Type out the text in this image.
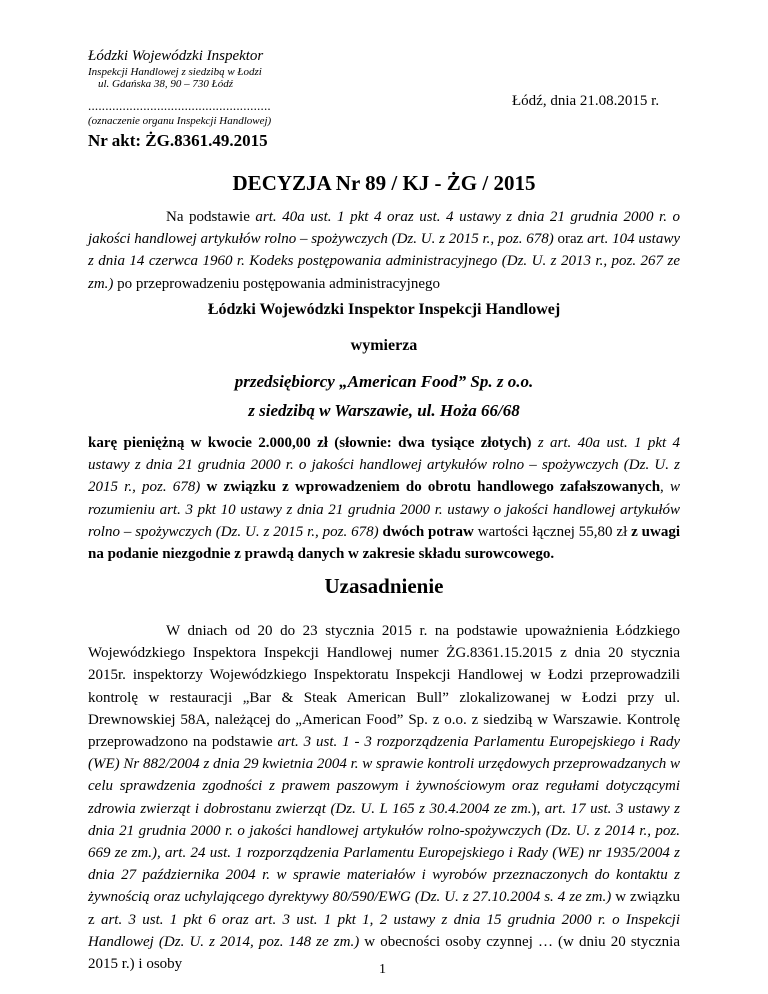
Łódzki Wojewódzki Inspektor
Inspekcji Handlowej z siedzibą w Łodzi
ul. Gdańska 38, 90 – 730 Łódź
.....................................................
(oznaczenie organu Inspekcji Handlowej)
Łódź, dnia 21.08.2015 r.
Nr akt: ŻG.8361.49.2015
DECYZJA Nr 89 / KJ - ŻG / 2015
Na podstawie art. 40a ust. 1 pkt 4 oraz ust. 4 ustawy z dnia 21 grudnia 2000 r. o jakości handlowej artykułów rolno – spożywczych (Dz. U. z 2015 r., poz. 678) oraz art. 104 ustawy z dnia 14 czerwca 1960 r. Kodeks postępowania administracyjnego (Dz. U. z 2013 r., poz. 267 ze zm.) po przeprowadzeniu postępowania administracyjnego
Łódzki Wojewódzki Inspektor Inspekcji Handlowej
wymierza
przedsiębiorcy „American Food” Sp. z o.o.
z siedzibą w Warszawie, ul. Hoża 66/68
karę pieniężną w kwocie 2.000,00 zł (słownie: dwa tysiące złotych) z art. 40a ust. 1 pkt 4 ustawy z dnia 21 grudnia 2000 r. o jakości handlowej artykułów rolno – spożywczych (Dz. U. z 2015 r., poz. 678) w związku z wprowadzeniem do obrotu handlowego zafałszowanych, w rozumieniu art. 3 pkt 10 ustawy z dnia 21 grudnia 2000 r. ustawy o jakości handlowej artykułów rolno – spożywczych (Dz. U. z 2015 r., poz. 678) dwóch potraw wartości łącznej 55,80 zł z uwagi na podanie niezgodnie z prawdą danych w zakresie składu surowcowego.
Uzasadnienie
W dniach od 20 do 23 stycznia 2015 r. na podstawie upoważnienia Łódzkiego Wojewódzkiego Inspektora Inspekcji Handlowej numer ŻG.8361.15.2015 z dnia 20 stycznia 2015r. inspektorzy Wojewódzkiego Inspektoratu Inspekcji Handlowej w Łodzi przeprowadzili kontrolę w restauracji „Bar & Steak American Bull” zlokalizowanej w Łodzi przy ul. Drewnowskiej 58A, należącej do „American Food” Sp. z o.o. z siedzibą w Warszawie. Kontrolę przeprowadzono na podstawie art. 3 ust. 1 - 3 rozporządzenia Parlamentu Europejskiego i Rady (WE) Nr 882/2004 z dnia 29 kwietnia 2004 r. w sprawie kontroli urzędowych przeprowadzanych w celu sprawdzenia zgodności z prawem paszowym i żywnościowym oraz regułami dotyczącymi zdrowia zwierząt i dobrostanu zwierząt (Dz. U. L 165 z 30.4.2004 ze zm.), art. 17 ust. 3 ustawy z dnia 21 grudnia 2000 r. o jakości handlowej artykułów rolno-spożywczych (Dz. U. z 2014 r., poz. 669 ze zm.), art. 24 ust. 1 rozporządzenia Parlamentu Europejskiego i Rady (WE) nr 1935/2004 z dnia 27 października 2004 r. w sprawie materiałów i wyrobów przeznaczonych do kontaktu z żywnością oraz uchylającego dyrektywy 80/590/EWG (Dz. U. z 27.10.2004 s. 4 ze zm.) w związku z art. 3 ust. 1 pkt 6 oraz art. 3 ust. 1 pkt 1, 2 ustawy z dnia 15 grudnia 2000 r. o Inspekcji Handlowej (Dz. U. z 2014, poz. 148 ze zm.) w obecności osoby czynnej … (w dniu 20 stycznia 2015 r.) i osoby	1
